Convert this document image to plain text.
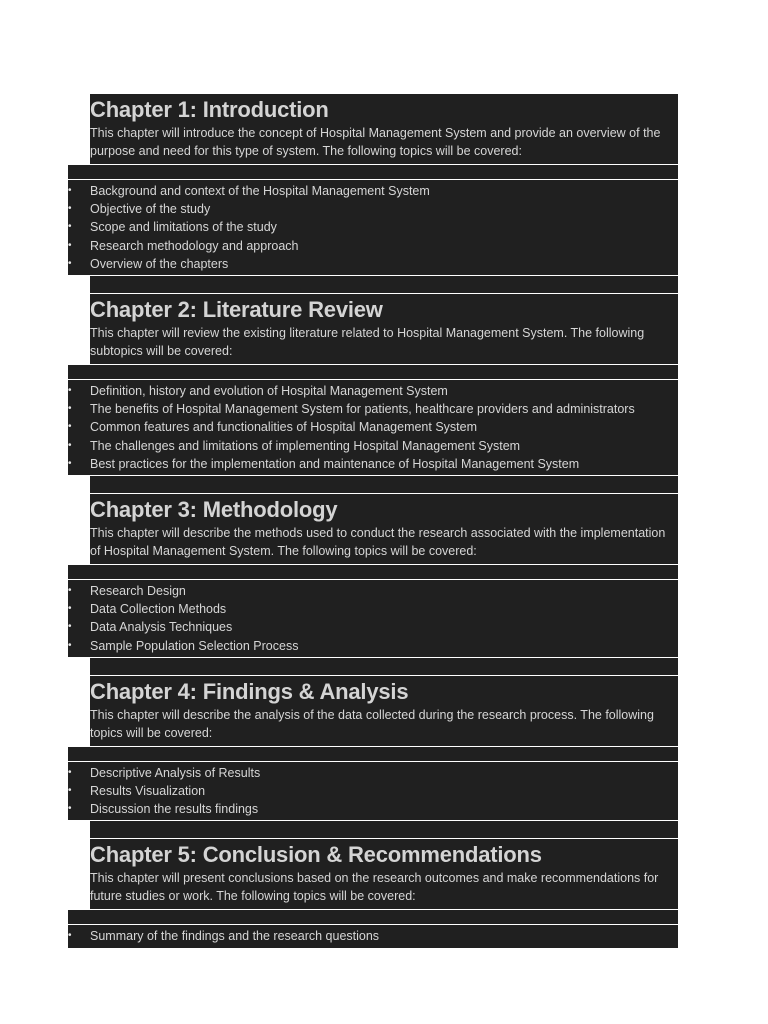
Chapter 1: Introduction

This chapter will introduce the concept of Hospital Management System and provide an overview of the purpose and need for this type of system. The following topics will be covered:

•	Background and context of the Hospital Management System
•	Objective of the study
•	Scope and limitations of the study
•	Research methodology and approach
•	Overview of the chapters
Chapter 2: Literature Review

This chapter will review the existing literature related to Hospital Management System. The following subtopics will be covered:

•	Definition, history and evolution of Hospital Management System
•	The benefits of Hospital Management System for patients, healthcare providers and administrators
•	Common features and functionalities of Hospital Management System
•	The challenges and limitations of implementing Hospital Management System
•	Best practices for the implementation and maintenance of Hospital Management System
Chapter 3: Methodology

This chapter will describe the methods used to conduct the research associated with the implementation of Hospital Management System. The following topics will be covered:

•	Research Design
•	Data Collection Methods
•	Data Analysis Techniques
•	Sample Population Selection Process
Chapter 4: Findings & Analysis

This chapter will describe the analysis of the data collected during the research process. The following topics will be covered:

•	Descriptive Analysis of Results
•	Results Visualization
•	Discussion the results findings
Chapter 5: Conclusion & Recommendations

This chapter will present conclusions based on the research outcomes and make recommendations for future studies or work. The following topics will be covered:

•	Summary of the findings and the research questions
